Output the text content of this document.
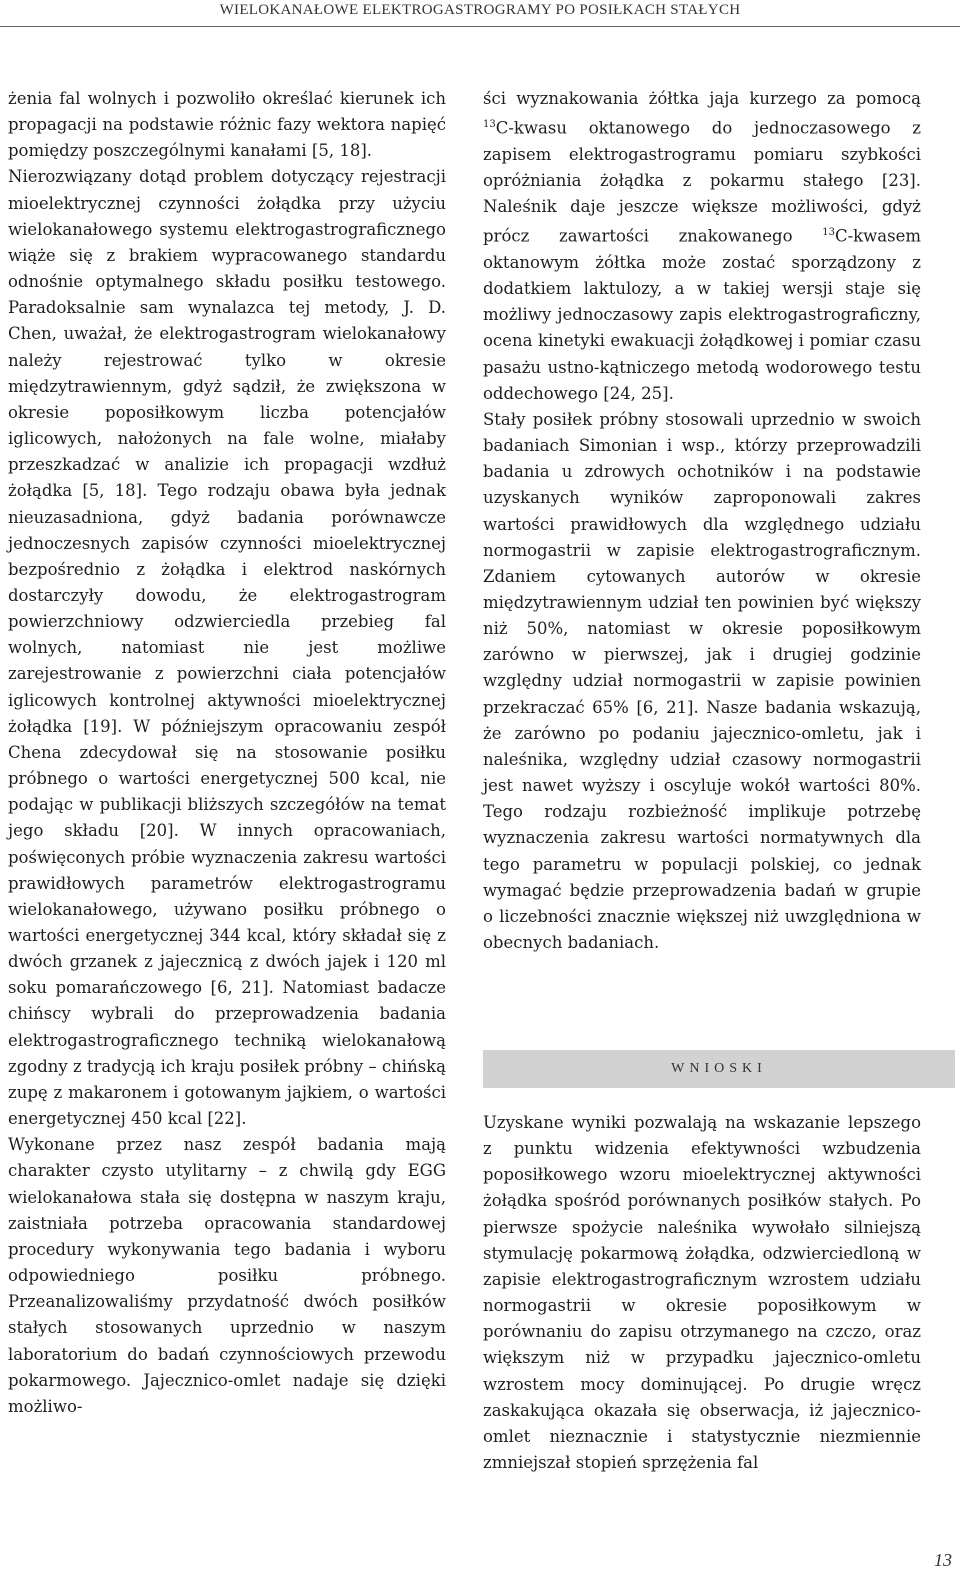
WIELOKANAŁOWE ELEKTROGASTROGRAMY PO POSIŁKACH STAŁYCH

żenia fal wolnych i pozwoliło określać kierunek ich propagacji na podstawie różnic fazy wektora napięć pomiędzy poszczególnymi kanałami [5, 18].

Nierozwiązany dotąd problem dotyczący rejestracji mioelektrycznej czynności żołądka przy użyciu wielokanałowego systemu elektrogastrograficznego wiąże się z brakiem wypracowanego standardu odnośnie optymalnego składu posiłku testowego. Paradoksalnie sam wynalazca tej metody, J. D. Chen, uważał, że elektrogastrogram wielokanałowy należy rejestrować tylko w okresie międzytrawiennym, gdyż sądził, że zwiększona w okresie poposiłkowym liczba potencjałów iglicowych, nałożonych na fale wolne, miałaby przeszkadzać w analizie ich propagacji wzdłuż żołądka [5, 18]. Tego rodzaju obawa była jednak nieuzasadniona, gdyż badania porównawcze jednoczesnych zapisów czynności mioelektrycznej bezpośrednio z żołądka i elektrod naskórnych dostarczyły dowodu, że elektrogastrogram powierzchniowy odzwierciedla przebieg fal wolnych, natomiast nie jest możliwe zarejestrowanie z powierzchni ciała potencjałów iglicowych kontrolnej aktywności mioelektrycznej żołądka [19]. W późniejszym opracowaniu zespół Chena zdecydował się na stosowanie posiłku próbnego o wartości energetycznej 500 kcal, nie podając w publikacji bliższych szczegółów na temat jego składu [20]. W innych opracowaniach, poświęconych próbie wyznaczenia zakresu wartości prawidłowych parametrów elektrogastrogramu wielokanałowego, używano posiłku próbnego o wartości energetycznej 344 kcal, który składał się z dwóch grzanek z jajecznicą z dwóch jajek i 120 ml soku pomarańczowego [6, 21]. Natomiast badacze chińscy wybrali do przeprowadzenia badania elektrogastrograficznego techniką wielokanałową zgodny z tradycją ich kraju posiłek próbny – chińską zupę z makaronem i gotowanym jajkiem, o wartości energetycznej 450 kcal [22].

Wykonane przez nasz zespół badania mają charakter czysto utylitarny – z chwilą gdy EGG wielokanałowa stała się dostępna w naszym kraju, zaistniała potrzeba opracowania standardowej procedury wykonywania tego badania i wyboru odpowiedniego posiłku próbnego. Przeanalizowaliśmy przydatność dwóch posiłków stałych stosowanych uprzednio w naszym laboratorium do badań czynnościowych przewodu pokarmowego. Jajecznico-omlet nadaje się dzięki możliwo-

ści wyznakowania żółtka jaja kurzego za pomocą $^{13}$C-kwasu oktanowego do jednoczasowego z zapisem elektrogastrogramu pomiaru szybkości opróżniania żołądka z pokarmu stałego [23]. Naleśnik daje jeszcze większe możliwości, gdyż prócz zawartości znakowanego $^{13}$C-kwasem oktanowym żółtka może zostać sporządzony z dodatkiem laktulozy, a w takiej wersji staje się możliwy jednoczasowy zapis elektrogastrograficzny, ocena kinetyki ewakuacji żołądkowej i pomiar czasu pasażu ustno-kątniczego metodą wodorowego testu oddechowego [24, 25].

Stały posiłek próbny stosowali uprzednio w swoich badaniach Simonian i wsp., którzy przeprowadzili badania u zdrowych ochotników i na podstawie uzyskanych wyników zaproponowali zakres wartości prawidłowych dla względnego udziału normogastrii w zapisie elektrogastrograficznym. Zdaniem cytowanych autorów w okresie międzytrawiennym udział ten powinien być większy niż 50%, natomiast w okresie poposiłkowym zarówno w pierwszej, jak i drugiej godzinie względny udział normogastrii w zapisie powinien przekraczać 65% [6, 21]. Nasze badania wskazują, że zarówno po podaniu jajecznico-omletu, jak i naleśnika, względny udział czasowy normogastrii jest nawet wyższy i oscyluje wokół wartości 80%. Tego rodzaju rozbieżność implikuje potrzebę wyznaczenia zakresu wartości normatywnych dla tego parametru w populacji polskiej, co jednak wymagać będzie przeprowadzenia badań w grupie o liczebności znacznie większej niż uwzględniona w obecnych badaniach.

WNIOSKI

Uzyskane wyniki pozwalają na wskazanie lepszego z punktu widzenia efektywności wzbudzenia poposiłkowego wzoru mioelektrycznej aktywności żołądka spośród porównanych posiłków stałych. Po pierwsze spożycie naleśnika wywołało silniejszą stymulację pokarmową żołądka, odzwierciedloną w zapisie elektrogastrograficznym wzrostem udziału normogastrii w okresie poposiłkowym w porównaniu do zapisu otrzymanego na czczo, oraz większym niż w przypadku jajecznico-omletu wzrostem mocy dominującej. Po drugie wręcz zaskakująca okazała się obserwacja, iż jajecznico-omlet nieznacznie i statystycznie niezmiennie zmniejszał stopień sprzężenia fal

13
